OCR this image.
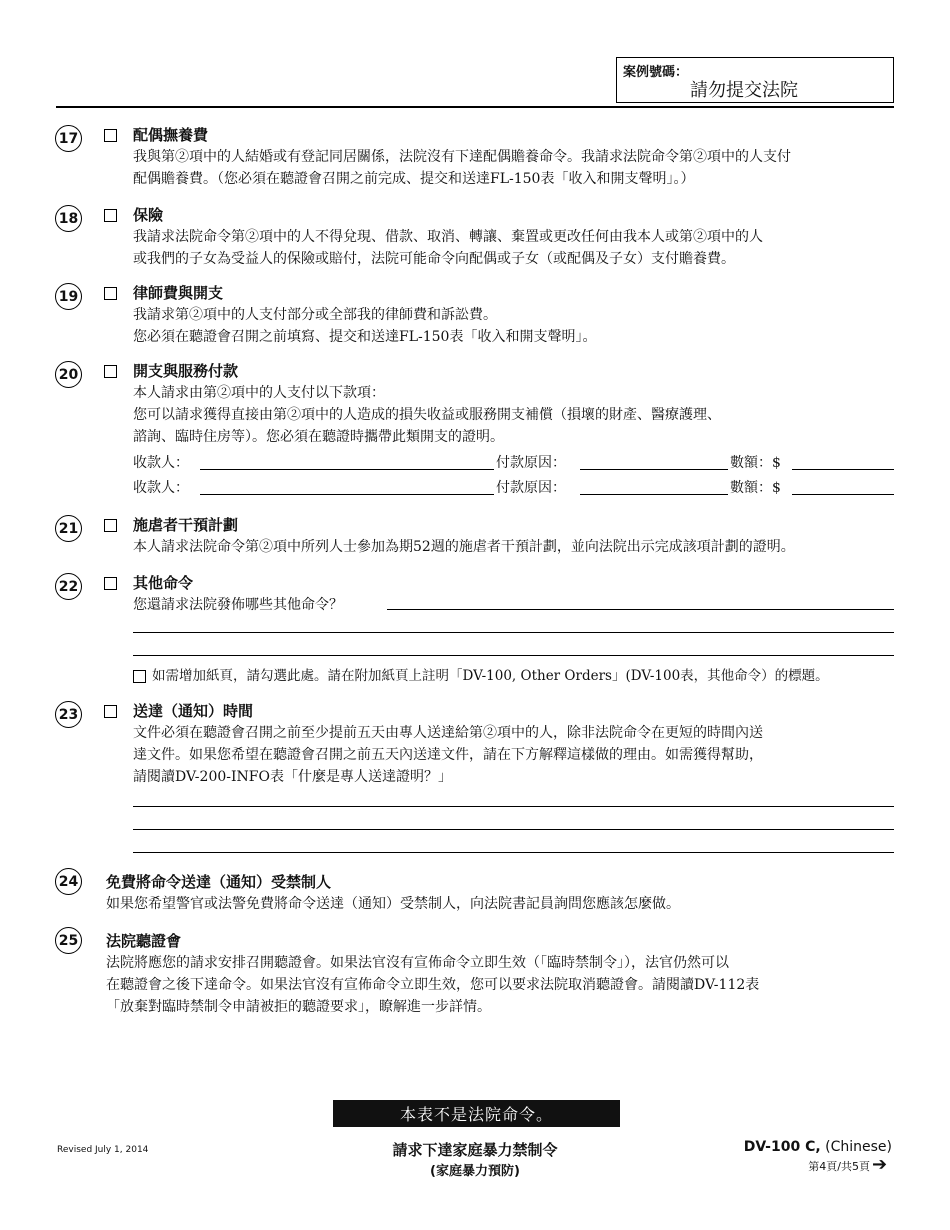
案例號碼：
請勿提交法院
17	配偶撫養費
我與第②項中的人結婚或有登記同居關係，法院沒有下達配偶贍養命令。我請求法院命令第②項中的人支付
配偶贍養費。（您必須在聽證會召開之前完成、提交和送達FL-150表「收入和開支聲明」。）
18	保險
我請求法院命令第②項中的人不得兌現、借款、取消、轉讓、棄置或更改任何由我本人或第②項中的人
或我們的子女為受益人的保險或賠付，法院可能命令向配偶或子女（或配偶及子女）支付贍養費。
19	律師費與開支
我請求第②項中的人支付部分或全部我的律師費和訴訟費。
您必須在聽證會召開之前填寫、提交和送達FL-150表「收入和開支聲明」。
20	開支與服務付款
本人請求由第②項中的人支付以下款項：
您可以請求獲得直接由第②項中的人造成的損失收益或服務開支補償（損壞的財產、醫療護理、
諮詢、臨時住房等）。您必須在聽證時攜帶此類開支的證明。
收款人：	付款原因：	數額：$
收款人：	付款原因：	數額：$
21	施虐者干預計劃
本人請求法院命令第②項中所列人士參加為期52週的施虐者干預計劃，並向法院出示完成該項計劃的證明。
22	其他命令
您還請求法院發佈哪些其他命令？
如需增加紙頁，請勾選此處。請在附加紙頁上註明「DV-100, Other Orders」(DV-100表，其他命令）的標題。
23	送達（通知）時間
文件必須在聽證會召開之前至少提前五天由專人送達給第②項中的人，除非法院命令在更短的時間內送
達文件。如果您希望在聽證會召開之前五天內送達文件，請在下方解釋這樣做的理由。如需獲得幫助，
請閱讀DV-200-INFO表「什麼是專人送達證明？」
24 免費將命令送達（通知）受禁制人
如果您希望警官或法警免費將命令送達（通知）受禁制人，向法院書記員詢問您應該怎麼做。
25 法院聽證會
法院將應您的請求安排召開聽證會。如果法官沒有宣佈命令立即生效（「臨時禁制令」），法官仍然可以
在聽證會之後下達命令。如果法官沒有宣佈命令立即生效，您可以要求法院取消聽證會。請閱讀DV-112表
「放棄對臨時禁制令申請被拒的聽證要求」，瞭解進一步詳情。
本表不是法院命令。
Revised July 1, 2014	請求下達家庭暴力禁制令
(家庭暴力預防)
DV-100 C, (Chinese)
第4頁/共5頁 ➔
